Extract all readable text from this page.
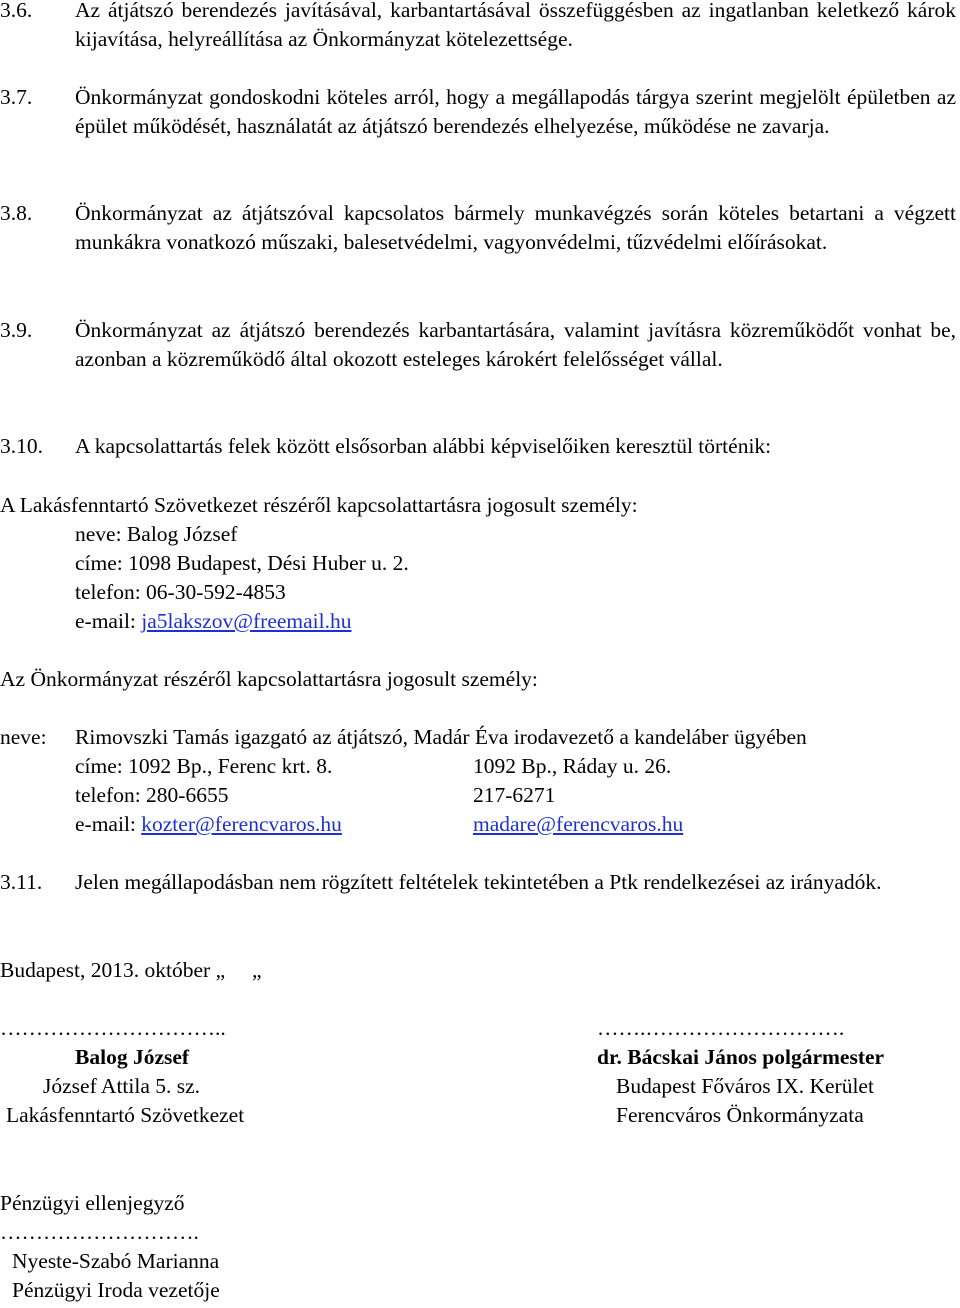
3.6.	Az átjátszó berendezés javításával, karbantartásával összefüggésben az ingatlanban keletkező károk kijavítása, helyreállítása az Önkormányzat kötelezettsége.
3.7.	Önkormányzat gondoskodni köteles arról, hogy a megállapodás tárgya szerint megjelölt épületben az épület működését, használatát az átjátszó berendezés elhelyezése, működése ne zavarja.
3.8.	Önkormányzat az átjátszóval kapcsolatos bármely munkavégzés során köteles betartani a végzett munkákra vonatkozó műszaki, balesetvédelmi, vagyonvédelmi, tűzvédelmi előírásokat.
3.9.	Önkormányzat az átjátszó berendezés karbantartására, valamint javításra közreműködőt vonhat be, azonban a közreműködő által okozott esteleges károkért felelősséget vállal.
3.10.	A kapcsolattartás felek között elsősorban alábbi képviselőiken keresztül történik:
A Lakásfenntartó Szövetkezet részéről kapcsolattartásra jogosult személy:
neve: Balog József
címe: 1098 Budapest, Dési Huber u. 2.
telefon: 06-30-592-4853
e-mail: ja5lakszov@freemail.hu
Az Önkormányzat részéről kapcsolattartásra jogosult személy:
neve: Rimovszki Tamás igazgató az átjátszó, Madár Éva irodavezető a kandeláber ügyében
címe: 1092 Bp., Ferenc krt. 8.	1092 Bp., Ráday u. 26.
telefon: 280-6655	217-6271
e-mail: kozter@ferencvaros.hu	madare@ferencvaros.hu
3.11.	Jelen megállapodásban nem rögzített feltételek tekintetében a Ptk rendelkezései az irányadók.
Budapest, 2013. október „     „
…………………………..
Balog József
József Attila 5. sz.
Lakásfenntartó Szövetkezet
…….……………………….
dr. Bácskai János polgármester
Budapest Főváros IX. Kerület
Ferencváros Önkormányzata
Pénzügyi ellenjegyző
……………………….
Nyeste-Szabó Marianna
Pénzügyi Iroda vezetője
